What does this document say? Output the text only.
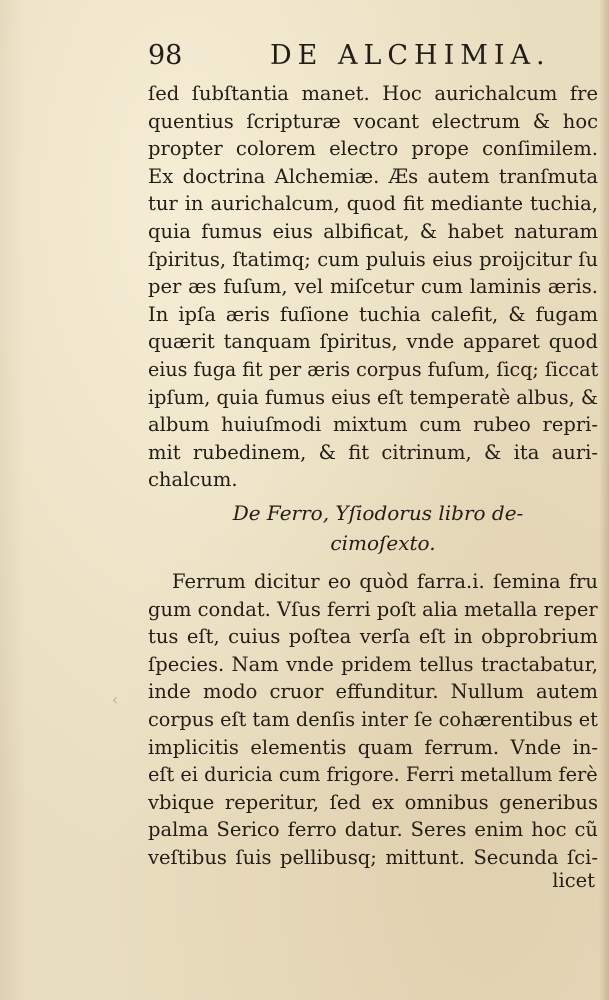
98	DE ALCHIMIA.
ſed ſubſtantia manet. Hoc aurichalcum fre
quentius ſcripturæ vocant electrum & hoc
propter colorem electro prope conſimilem.
Ex doctrina Alchemiæ. Æs autem tranſmuta
tur in aurichalcum, quod fit mediante tuchia,
quia fumus eius albificat, & habet naturam
ſpiritus, ſtatimq; cum puluis eius proijcitur ſu
per æs fuſum, vel miſcetur cum laminis æris.
In ipſa æris fuſione tuchia calefit, & fugam
quærit tanquam ſpiritus, vnde apparet quod
eius fuga fit per æris corpus fuſum, ſicq; ſiccat
ipſum, quia fumus eius eſt temperatè albus, &
album huiuſmodi mixtum cum rubeo repri-
mit rubedinem, & fit citrinum, & ita auri-
chalcum.
De Ferro, Yſiodorus libro de-
cimoſexto.
‹
Ferrum dicitur eo quòd farra.i. ſemina fru
gum condat. Vſus ferri poſt alia metalla reper
tus eſt, cuius poſtea verſa eſt in obprobrium
ſpecies. Nam vnde pridem tellus tractabatur,
inde modo cruor effunditur. Nullum autem
corpus eſt tam denſis inter ſe cohærentibus et
implicitis elementis quam ferrum. Vnde in-
eſt ei duricia cum frigore. Ferri metallum ferè
vbique reperitur, ſed ex omnibus generibus
palma Serico ferro datur. Seres enim hoc cũ
veſtibus ſuis pellibusq; mittunt. Secunda ſci-
licet
